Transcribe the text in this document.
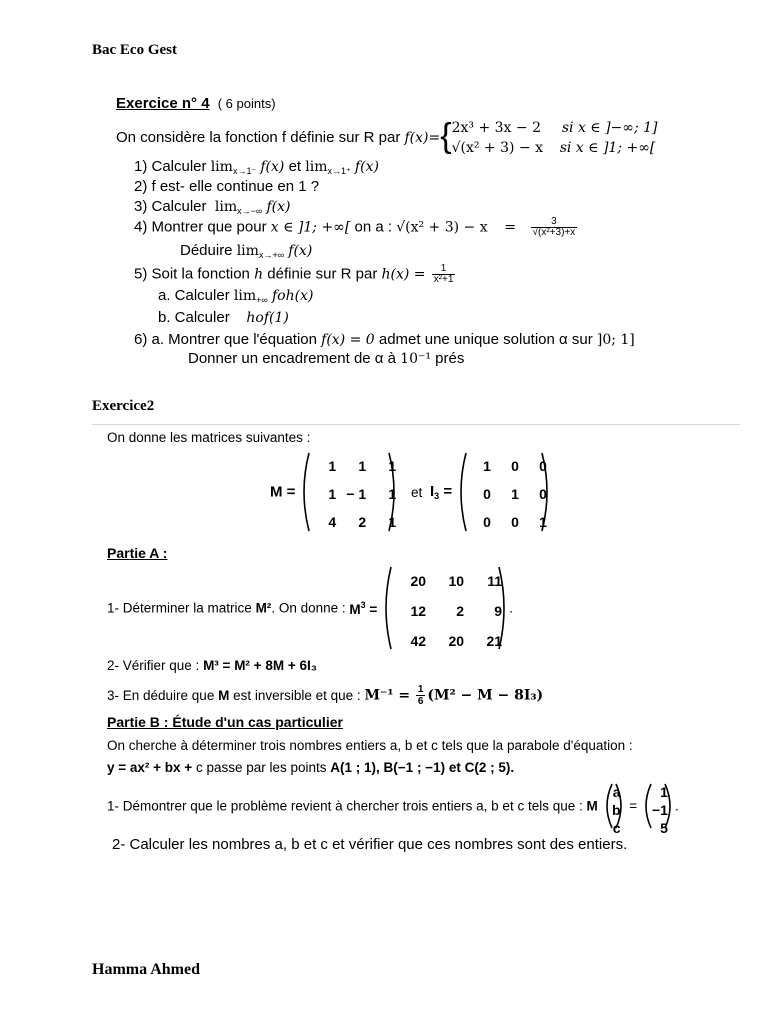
Bac Eco Gest
Exercice n° 4 ( 6 points)
On considère la fonction f définie sur R par f(x)={2x³ + 3x − 2 si x ∈ ]−∞; 1]
√(x² + 3) − x si x ∈ ]1; +∞[
1) Calculer $\lim_{x\to 1^-} f(x)$ et $\lim_{x\to 1^+} f(x)$
2) f est- elle continue en 1 ?
3) Calculer $\lim_{x\to-\infty} f(x)$
4) Montrer que pour x ∈ ]1; +∞[ on a : $√(x^2 + 3) - x = \frac{3}{\text{√(x²+3)+x}}$
Déduire $\lim_{x\to+\infty} f(x)$
5) Soit la fonction h définie sur R par $h(x) = \frac{1}{\text{x²+1}}$
a. Calculer $\lim_{+\infty} foh(x)$
b. Calculer hof(1)
6) a. Montrer que l'équation f(x) = 0 admet une unique solution α sur ]0; 1]
Donner un encadrement de α à 10⁻¹ prés
Exercice2
On donne les matrices suivantes :
M =
1	1	1
1	− 1	1
4	2	1
et $I_3$ =
1	0	0
0	1	0
0	0	1
Partie A :
1- Déterminer la matrice M². On donne : $M^3$ =
20	10	11
12	2	9
42	20	21
.
2- Vérifier que : M³ = M² + 8M + 6I₃
3- En déduire que M est inversible et que : $M^{-1} = \frac{1}{6} (M^2 - M - 8I_3)$
Partie B : Étude d'un cas particulier
On cherche à déterminer trois nombres entiers a, b et c tels que la parabole d'équation :
y = ax² + bx + c passe par les points A(1 ; 1), B(−1 ; −1) et C(2 ; 5).
1- Démontrer que le problème revient à chercher trois entiers a, b et c tels que : M
a
b
c
=
1
−1
5
.
2- Calculer les nombres a, b et c et vérifier que ces nombres sont des entiers.
Hamma Ahmed
